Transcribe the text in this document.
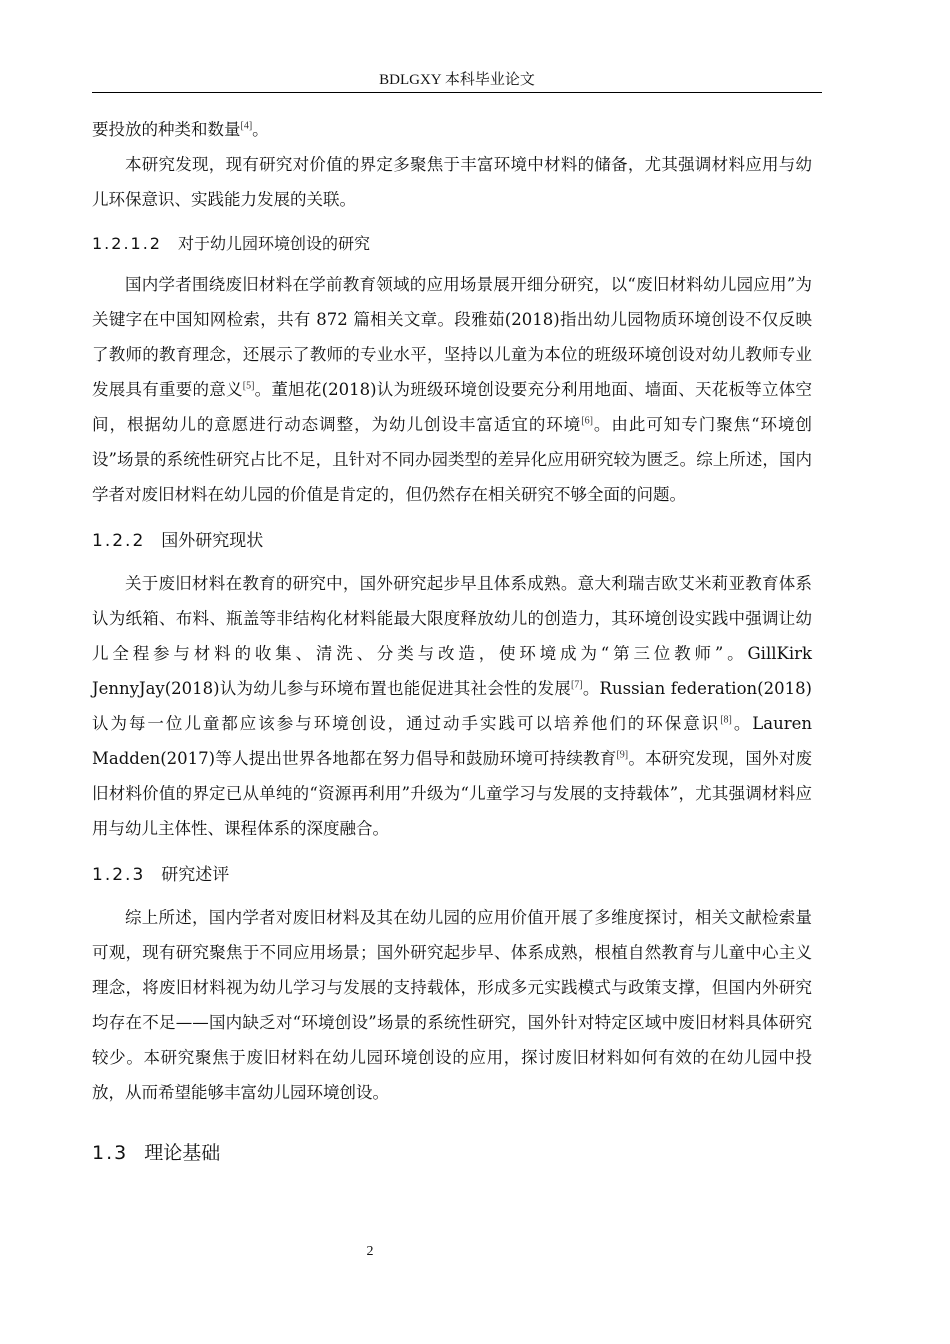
BDLGXY 本科毕业论文

要投放的种类和数量[4]。

本研究发现，现有研究对价值的界定多聚焦于丰富环境中材料的储备，尤其强调材料应用与幼儿环保意识、实践能力发展的关联。

1.2.1.2 对于幼儿园环境创设的研究

国内学者围绕废旧材料在学前教育领域的应用场景展开细分研究，以“废旧材料幼儿园应用”为关键字在中国知网检索，共有 872 篇相关文章。段雅茹(2018)指出幼儿园物质环境创设不仅反映了教师的教育理念，还展示了教师的专业水平，坚持以儿童为本位的班级环境创设对幼儿教师专业发展具有重要的意义[5]。董旭花(2018)认为班级环境创设要充分利用地面、墙面、天花板等立体空间，根据幼儿的意愿进行动态调整，为幼儿创设丰富适宜的环境[6]。由此可知专门聚焦“环境创设”场景的系统性研究占比不足，且针对不同办园类型的差异化应用研究较为匮乏。综上所述，国内学者对废旧材料在幼儿园的价值是肯定的，但仍然存在相关研究不够全面的问题。

1.2.2 国外研究现状

关于废旧材料在教育的研究中，国外研究起步早且体系成熟。意大利瑞吉欧艾米莉亚教育体系认为纸箱、布料、瓶盖等非结构化材料能最大限度释放幼儿的创造力，其环境创设实践中强调让幼儿全程参与材料的收集、清洗、分类与改造，使环境成为“第三位教师”。GillKirk JennyJay(2018)认为幼儿参与环境布置也能促进其社会性的发展[7]。Russian federation(2018)认为每一位儿童都应该参与环境创设，通过动手实践可以培养他们的环保意识[8]。Lauren Madden(2017)等人提出世界各地都在努力倡导和鼓励环境可持续教育[9]。本研究发现，国外对废旧材料价值的界定已从单纯的“资源再利用”升级为“儿童学习与发展的支持载体”，尤其强调材料应用与幼儿主体性、课程体系的深度融合。

1.2.3 研究述评

综上所述，国内学者对废旧材料及其在幼儿园的应用价值开展了多维度探讨，相关文献检索量可观，现有研究聚焦于不同应用场景；国外研究起步早、体系成熟，根植自然教育与儿童中心主义理念，将废旧材料视为幼儿学习与发展的支持载体，形成多元实践模式与政策支撑，但国内外研究均存在不足——国内缺乏对“环境创设”场景的系统性研究，国外针对特定区域中废旧材料具体研究较少。本研究聚焦于废旧材料在幼儿园环境创设的应用，探讨废旧材料如何有效的在幼儿园中投放，从而希望能够丰富幼儿园环境创设。

1.3 理论基础
2
